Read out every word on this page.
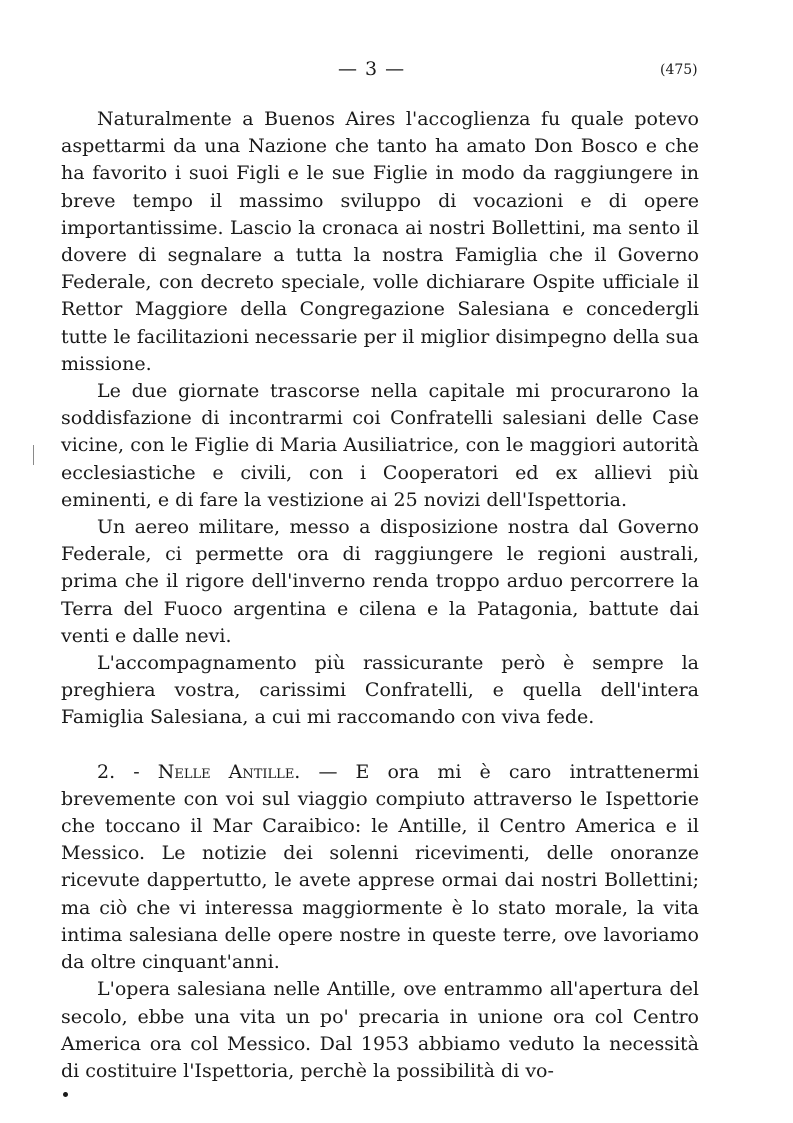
— 3 —	(475)

Naturalmente a Buenos Aires l'accoglienza fu quale potevo aspettarmi da una Nazione che tanto ha amato Don Bosco e che ha favorito i suoi Figli e le sue Figlie in modo da raggiungere in breve tempo il massimo sviluppo di vocazioni e di opere importantissime. Lascio la cronaca ai nostri Bollettini, ma sento il dovere di segnalare a tutta la nostra Famiglia che il Governo Federale, con decreto speciale, volle dichiarare Ospite ufficiale il Rettor Maggiore della Congregazione Salesiana e concedergli tutte le facilitazioni necessarie per il miglior disimpegno della sua missione.

Le due giornate trascorse nella capitale mi procurarono la soddisfazione di incontrarmi coi Confratelli salesiani delle Case vicine, con le Figlie di Maria Ausiliatrice, con le maggiori autorità ecclesiastiche e civili, con i Cooperatori ed ex allievi più eminenti, e di fare la vestizione ai 25 novizi dell'Ispettoria.

Un aereo militare, messo a disposizione nostra dal Governo Federale, ci permette ora di raggiungere le regioni australi, prima che il rigore dell'inverno renda troppo arduo percorrere la Terra del Fuoco argentina e cilena e la Patagonia, battute dai venti e dalle nevi.

L'accompagnamento più rassicurante però è sempre la preghiera vostra, carissimi Confratelli, e quella dell'intera Famiglia Salesiana, a cui mi raccomando con viva fede.

2. - Nelle Antille. — E ora mi è caro intrattenermi brevemente con voi sul viaggio compiuto attraverso le Ispettorie che toccano il Mar Caraibico: le Antille, il Centro America e il Messico. Le notizie dei solenni ricevimenti, delle onoranze ricevute dappertutto, le avete apprese ormai dai nostri Bollettini; ma ciò che vi interessa maggiormente è lo stato morale, la vita intima salesiana delle opere nostre in queste terre, ove lavoriamo da oltre cinquant'anni.

L'opera salesiana nelle Antille, ove entrammo all'apertura del secolo, ebbe una vita un po' precaria in unione ora col Centro America ora col Messico. Dal 1953 abbiamo veduto la necessità di costituire l'Ispettoria, perchè la possibilità di vo-
